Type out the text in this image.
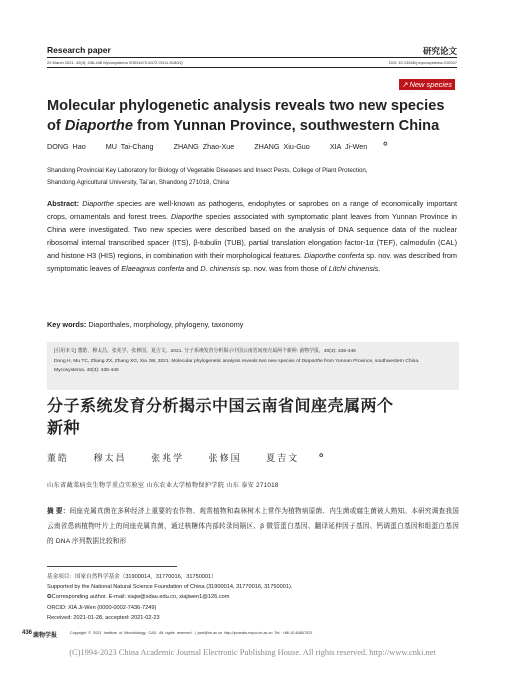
Research paper	研究论文
22 March 2021, 40(3): 436-446 Mycosystema ISSN1672-6472 CN11-5180/Q	DOI: 10.13346/j.mycosystema.210047
↗ New species
Molecular phylogenetic analysis reveals two new species
of Diaporthe from Yunnan Province, southwestern China
DONG Hao	MU Tai-Chang	ZHANG Zhao-Xue	ZHANG Xiu-Guo	XIA Ji-Wen	✪
Shandong Provincial Key Laboratory for Biology of Vegetable Diseases and Insect Pests, College of Plant Protection,
Shandong Agricultural University, Tai’an, Shandong 271018, China
Abstract: Diaporthe species are well-known as pathogens, endophytes or saprobes on a range of economically important crops, ornamentals and forest trees. Diaporthe species associated with symptomatic plant leaves from Yunnan Province in China were investigated. Two new species were described based on the analysis of DNA sequence data of the nuclear ribosomal internal transcribed spacer (ITS), β-tubulin (TUB), partial translation elongation factor-1α (TEF), calmodulin (CAL) and histone H3 (HIS) regions, in combination with their morphological features. Diaporthe conferta sp. nov. was described from symptomatic leaves of Elaeagnus conferta and D. chinensis sp. nov. was from those of Litchi chinensis.
Key words: Diaporthales, morphology, phylogeny, taxonomy
[引用本文] 董皓，穆太昌，张兆学，张修国，夏吉文，2021. 分子系统发育分析揭示中国云南省间座壳属两个新种. 菌物学报，40(3): 436-446
Dong H, Mu TC, Zhang ZX, Zhang XG, Xia JW, 2021. Molecular phylogenetic analysis reveals two new species of Diaporthe from Yunnan Province, southwestern China. Mycosystema, 40(3): 436-446
分子系统发育分析揭示中国云南省间座壳属两个
新种
董皓	穆太昌	张兆学	张修国	夏吉文	✪
山东省蔬菜病虫生物学重点实验室 山东农业大学植物保护学院 山东 泰安 271018
摘 要：间座壳属真菌在多种经济上重要的农作物、观赏植物和森林树木上常作为植物病原菌、内生菌或腐生菌被人熟知。本研究调查我国云南省患病植物叶片上的间座壳属真菌，通过核糖体内部转录间隔区、β 微管蛋白基因、翻译延伸因子基因、钙调蛋白基因和组蛋白基因的 DNA 序列数据比较和形
基金项目：国家自然科学基金（31900014，31770016，31750001）
Supported by the National Natural Science Foundation of China (31900014, 31770016, 31750001).
✪Corresponding author. E-mail: xiajw@sdau.edu.cn, xiajiwen1@126.com
ORCID: XIA Ji-Wen (0000-0002-7436-7249)
Received: 2021-01-28, accepted: 2021-02-23
436 菌物学报	Copyright © 2021 Institute of Microbiology, CAS. All rights reserved. | jwxt@im.ac.cn http://journals-myco.im.ac.cn Tel: +86-10-64807521
(C)1994-2023 China Academic Journal Electronic Publishing House. All rights reserved. http://www.cnki.net
